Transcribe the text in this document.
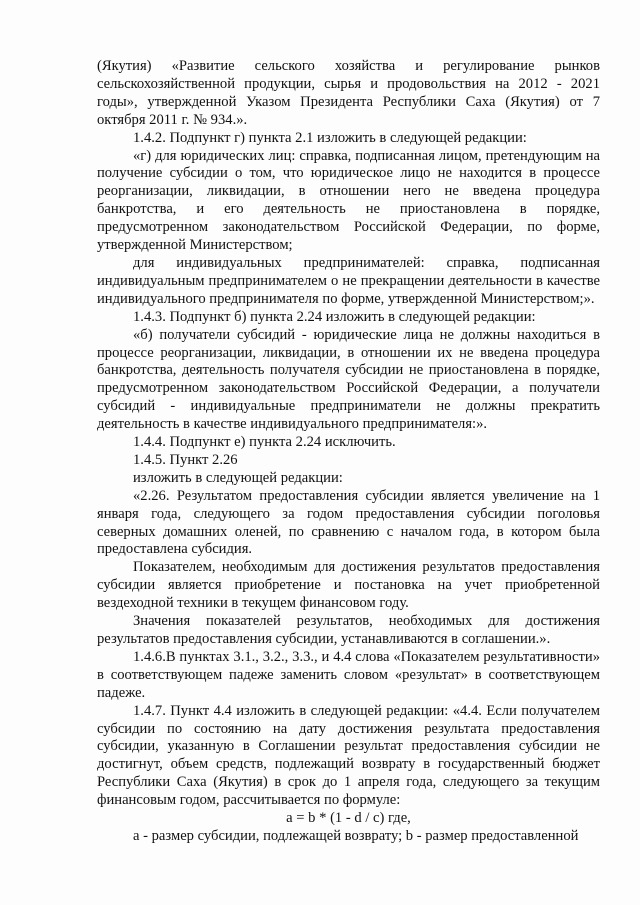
(Якутия) «Развитие сельского хозяйства и регулирование рынков сельскохозяйственной продукции, сырья и продовольствия на 2012 - 2021 годы», утвержденной Указом Президента Республики Саха (Якутия) от 7 октября 2011 г. № 934.».

1.4.2. Подпункт г) пункта 2.1 изложить в следующей редакции:

«г) для юридических лиц: справка, подписанная лицом, претендующим на получение субсидии о том, что юридическое лицо не находится в процессе реорганизации, ликвидации, в отношении него не введена процедура банкротства, и его деятельность не приостановлена в порядке, предусмотренном законодательством Российской Федерации, по форме, утвержденной Министерством;

для индивидуальных предпринимателей: справка, подписанная индивидуальным предпринимателем о не прекращении деятельности в качестве индивидуального предпринимателя по форме, утвержденной Министерством;».

1.4.3. Подпункт б) пункта 2.24 изложить в следующей редакции:

«б) получатели субсидий - юридические лица не должны находиться в процессе реорганизации, ликвидации, в отношении их не введена процедура банкротства, деятельность получателя субсидии не приостановлена в порядке, предусмотренном законодательством Российской Федерации, а получатели субсидий - индивидуальные предприниматели не должны прекратить деятельность в качестве индивидуального предпринимателя:».

1.4.4. Подпункт е) пункта 2.24 исключить.

1.4.5. Пункт 2.26

изложить в следующей редакции:

«2.26. Результатом предоставления субсидии является увеличение на 1 января года, следующего за годом предоставления субсидии поголовья северных домашних оленей, по сравнению с началом года, в котором была предоставлена субсидия.

Показателем, необходимым для достижения результатов предоставления субсидии является приобретение и постановка на учет приобретенной вездеходной техники в текущем финансовом году.

Значения показателей результатов, необходимых для достижения результатов предоставления субсидии, устанавливаются в соглашении.».

1.4.6.В пунктах 3.1., 3.2., 3.3., и 4.4 слова «Показателем результативности» в соответствующем падеже заменить словом «результат» в соответствующем падеже.

1.4.7. Пункт 4.4 изложить в следующей редакции: «4.4. Если получателем субсидии по состоянию на дату достижения результата предоставления субсидии, указанную в Соглашении результат предоставления субсидии не достигнут, объем средств, подлежащий возврату в государственный бюджет Республики Саха (Якутия) в срок до 1 апреля года, следующего за текущим финансовым годом, рассчитывается по формуле:

a = b * (1 - d / c) где,

а - размер субсидии, подлежащей возврату; b - размер предоставленной
